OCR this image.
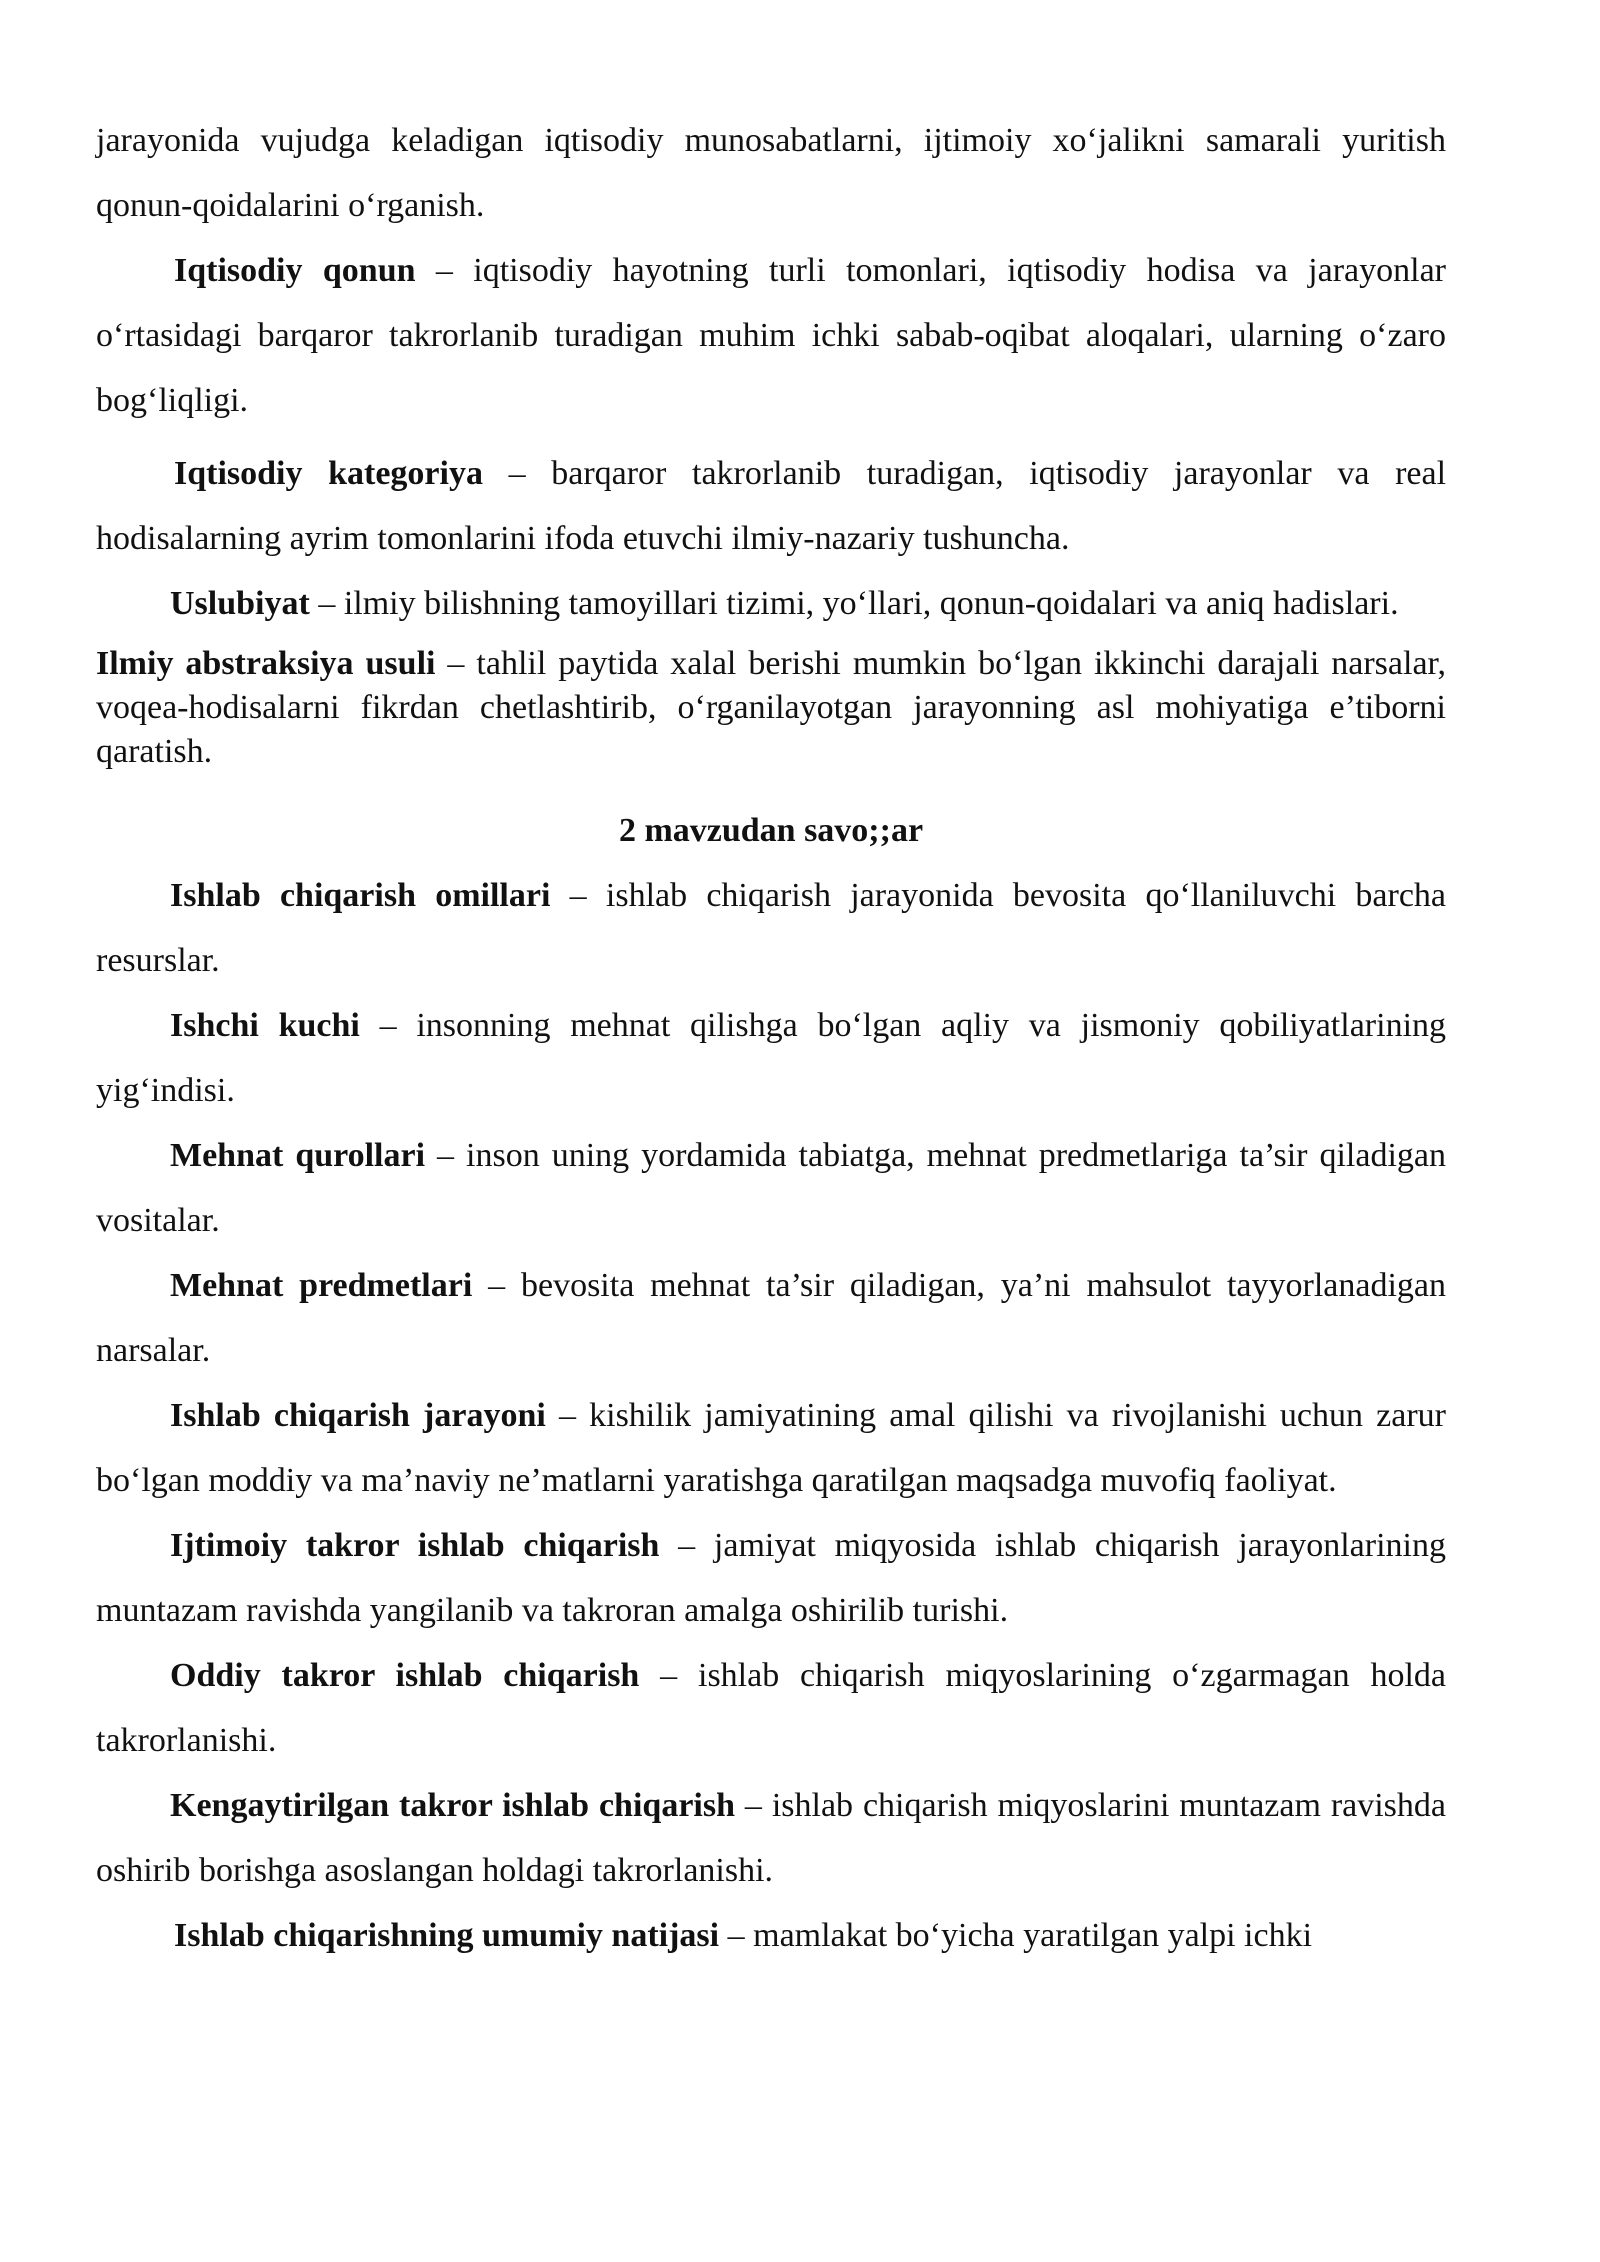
jarayonida vujudga keladigan iqtisodiy munosabatlarni, ijtimoiy xo‘jalikni samarali yuritish qonun-qoidalarini o‘rganish.

Iqtisodiy qonun – iqtisodiy hayotning turli tomonlari, iqtisodiy hodisa va jarayonlar o‘rtasidagi barqaror takrorlanib turadigan muhim ichki sabab-oqibat aloqalari, ularning o‘zaro bog‘liqligi.

Iqtisodiy kategoriya – barqaror takrorlanib turadigan, iqtisodiy jarayonlar va real hodisalarning ayrim tomonlarini ifoda etuvchi ilmiy-nazariy tushuncha.

Uslubiyat – ilmiy bilishning tamoyillari tizimi, yo‘llari, qonun-qoidalari va aniq hadislari.

Ilmiy abstraksiya usuli – tahlil paytida xalal berishi mumkin bo‘lgan ikkinchi darajali narsalar, voqea-hodisalarni fikrdan chetlashtirib, o‘rganilayotgan jarayonning asl mohiyatiga e’tiborni qaratish.

2 mavzudan savo;;ar

Ishlab chiqarish omillari – ishlab chiqarish jarayonida bevosita qo‘llaniluvchi barcha resurslar.

Ishchi kuchi – insonning mehnat qilishga bo‘lgan aqliy va jismoniy qobiliyatlarining yig‘indisi.

Mehnat qurollari – inson uning yordamida tabiatga, mehnat predmetlariga ta’sir qiladigan vositalar.

Mehnat predmetlari – bevosita mehnat ta’sir qiladigan, ya’ni mahsulot tayyorlanadigan narsalar.

Ishlab chiqarish jarayoni – kishilik jamiyatining amal qilishi va rivojlanishi uchun zarur bo‘lgan moddiy va ma’naviy ne’matlarni yaratishga qaratilgan maqsadga muvofiq faoliyat.

Ijtimoiy takror ishlab chiqarish – jamiyat miqyosida ishlab chiqarish jarayonlarining muntazam ravishda yangilanib va takroran amalga oshirilib turishi.

Oddiy takror ishlab chiqarish – ishlab chiqarish miqyoslarining o‘zgarmagan holda takrorlanishi.

Kengaytirilgan takror ishlab chiqarish – ishlab chiqarish miqyoslarini muntazam ravishda oshirib borishga asoslangan holdagi takrorlanishi.

Ishlab chiqarishning umumiy natijasi – mamlakat bo‘yicha yaratilgan yalpi ichki
